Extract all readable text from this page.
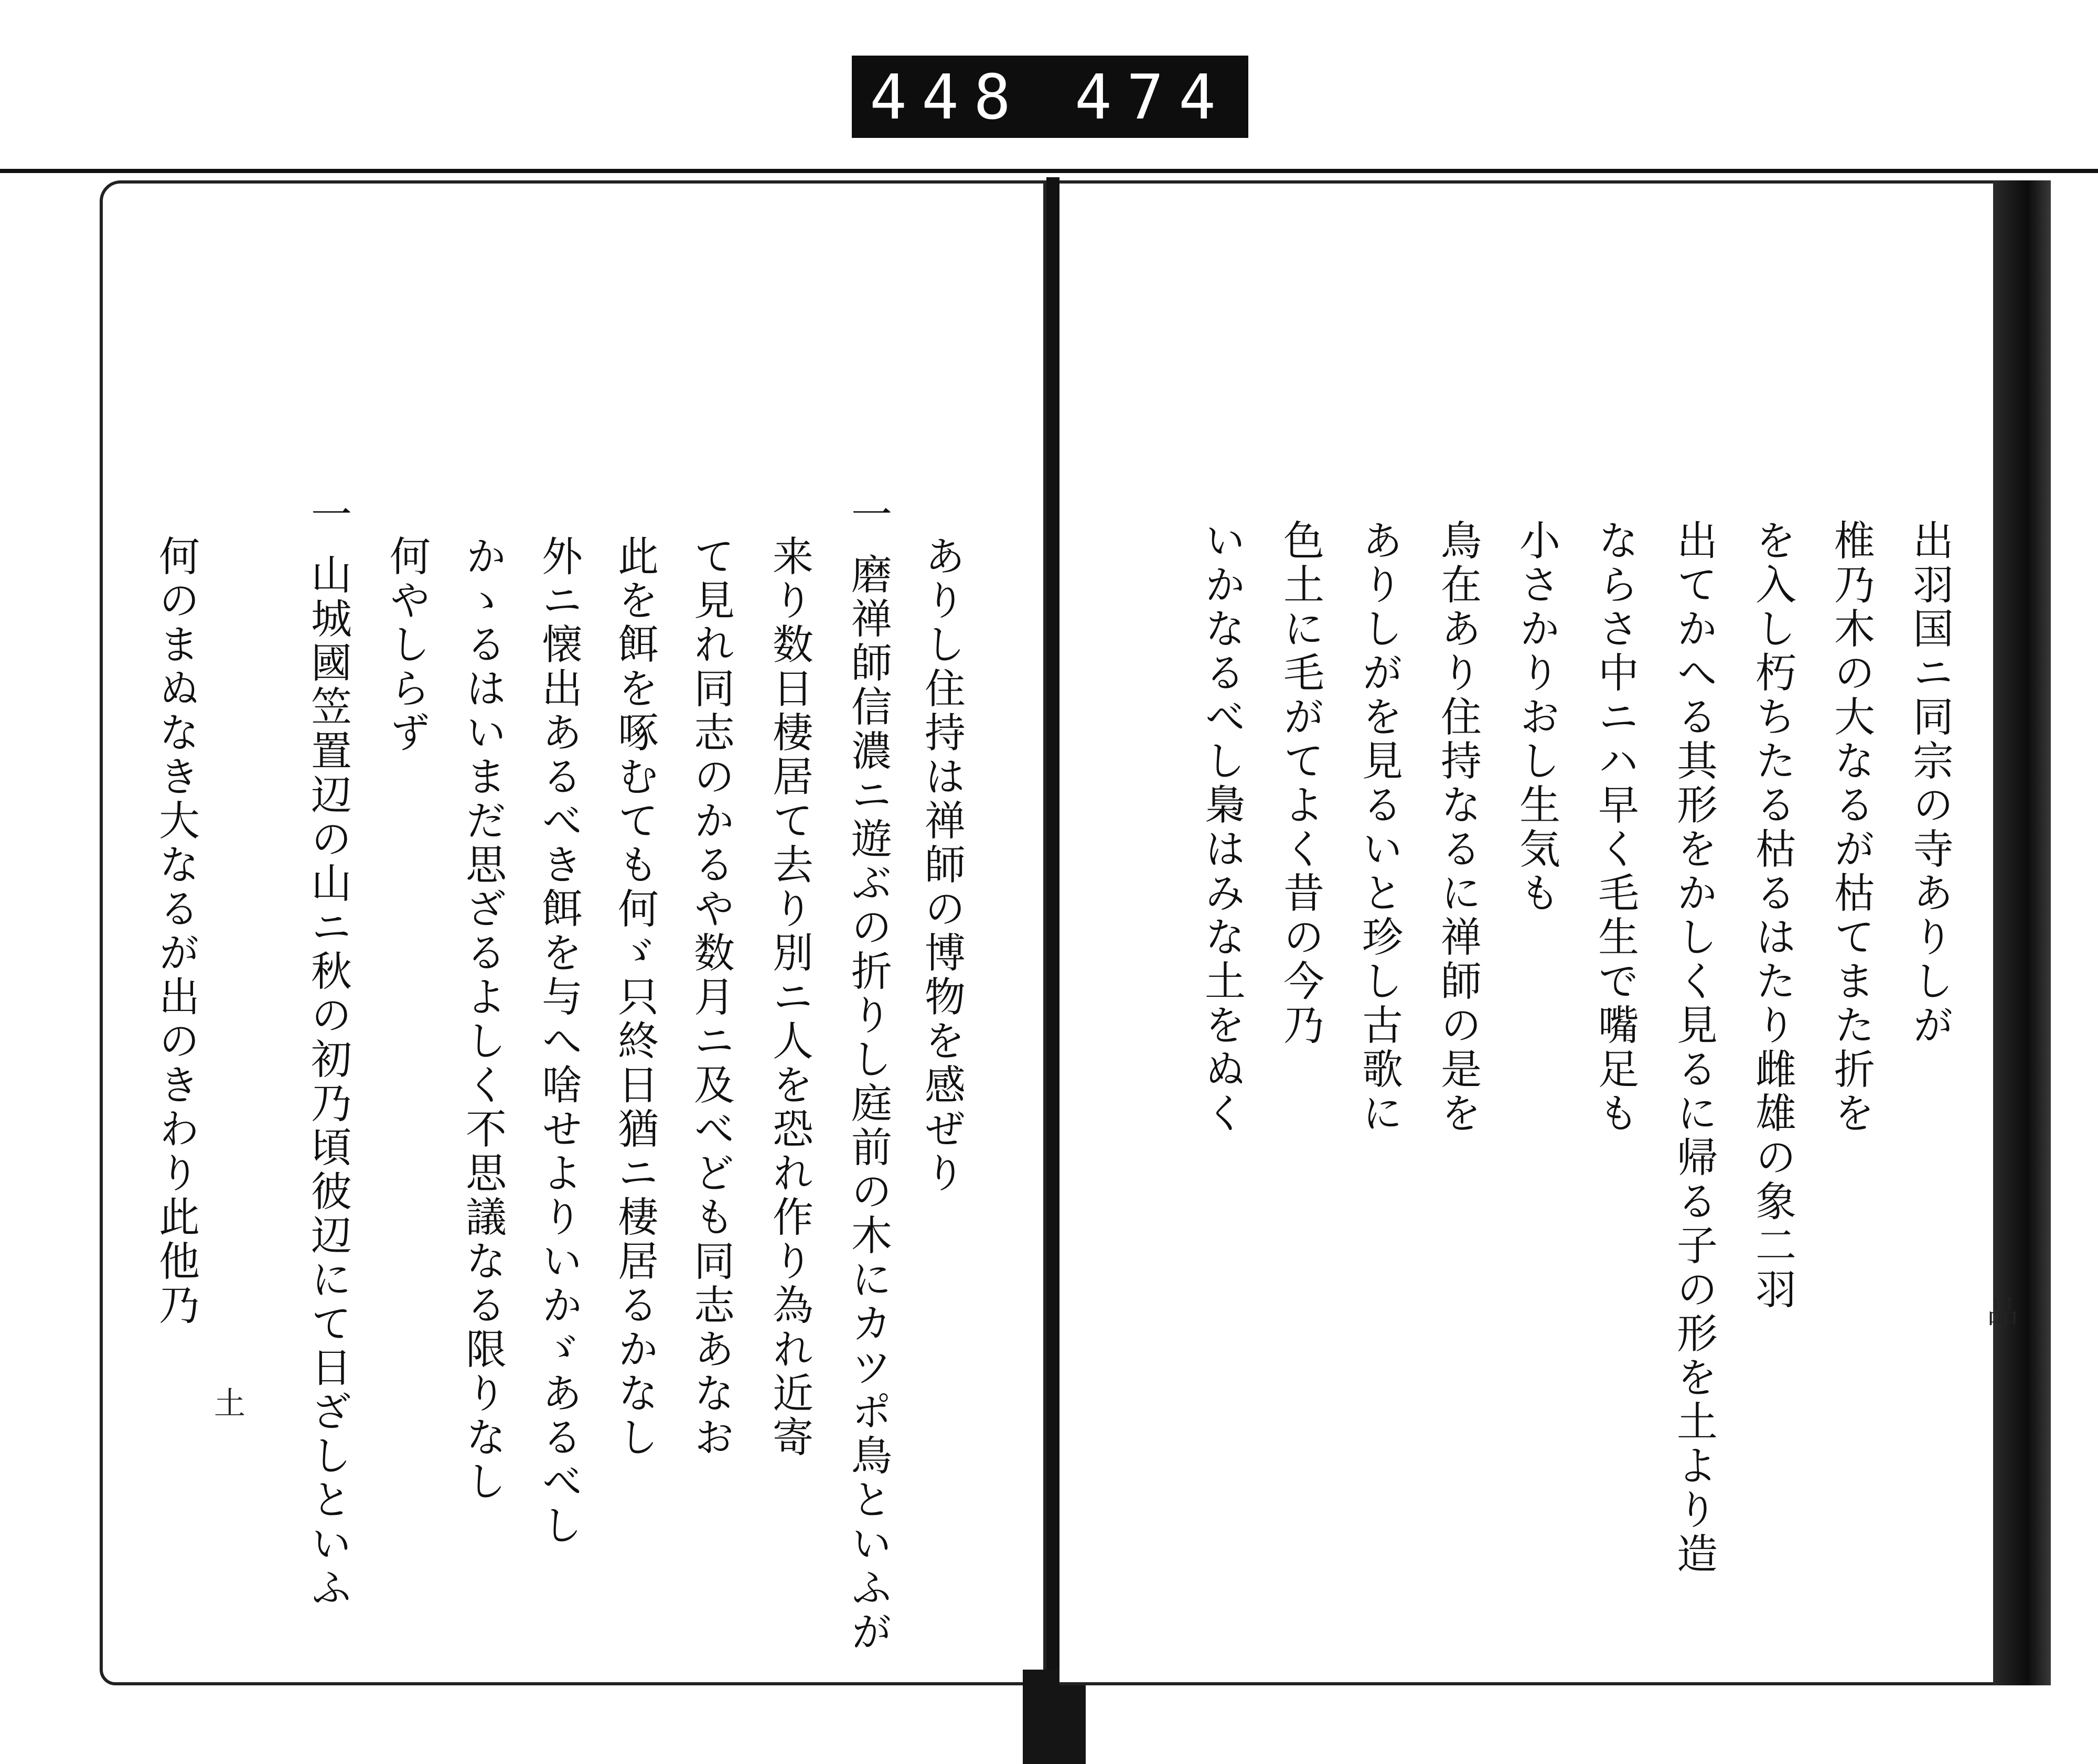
448 474
ありし住持は禅師の博物を感ぜり
一 磨禅師信濃ニ遊ぶの折りし庭前の木にカツポ鳥といふが
来り数日棲居て去り別ニ人を恐れ作り為れ近寄
て見れ同志のかるや数月ニ及べども同志あなお
此を餌を啄むても何ゞ只終日猶ニ棲居るかなし
外ニ懐出あるべき餌を与へ啥せよりいかゞあるべし
かゝるはいまだ思ざるよしく不思議なる限りなし
何やしらず
一 山城國笠置辺の山ニ秋の初乃頃彼辺にて日ざしといふ
何のまぬなき大なるが出のきわり此他乃
土
出羽国ニ同宗の寺ありしが
椎乃木の大なるが枯てまた折を
を入し朽ちたる枯るはたり雌雄の象二羽
出てかへる其形をかしく見るに帰る子の形を土より造
ならさ中ニハ早く毛生で嘴足も
小さかりおし生気も
鳥在あり住持なるに禅師の是を
ありしがを見るいと珍し古歌に
色土に毛がてよく昔の今乃
いかなるべし梟はみな土をぬく
品
